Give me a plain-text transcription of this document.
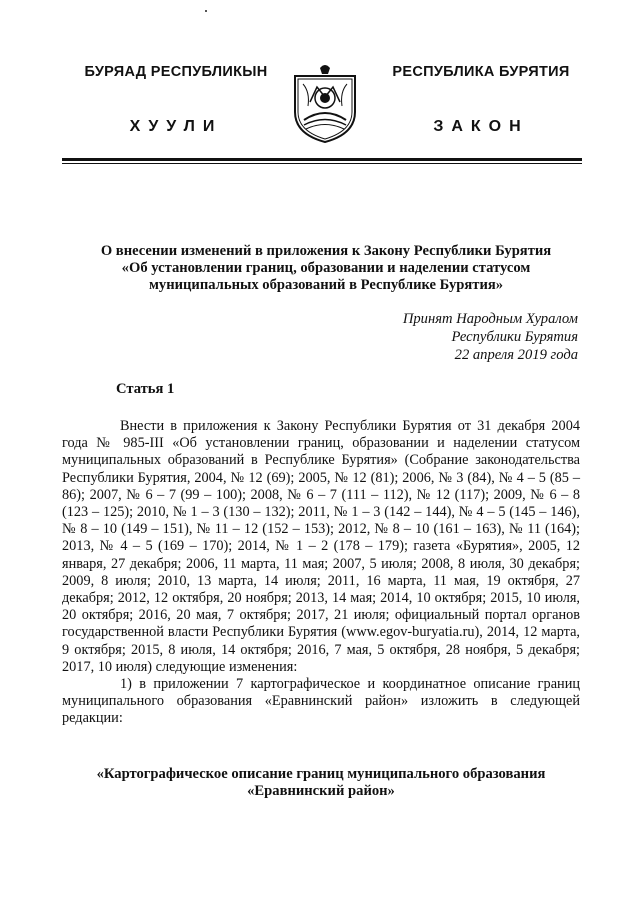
БУРЯАД РЕСПУБЛИКЫН
ХУУЛИ
РЕСПУБЛИКА БУРЯТИЯ
ЗАКОН
О внесении изменений в приложения к Закону Республики Бурятия
«Об установлении границ, образовании и наделении статусом
муниципальных образований в Республике Бурятия»
Принят Народным Хуралом
Республики Бурятия
22 апреля 2019 года
Статья 1

Внести в приложения к Закону Республики Бурятия от 31 декабря 2004 года № 985-III «Об установлении границ, образовании и наделении статусом муниципальных образований в Республике Бурятия» (Собрание законодательства Республики Бурятия, 2004, № 12 (69); 2005, № 12 (81); 2006, № 3 (84), № 4 – 5 (85 – 86); 2007, № 6 – 7 (99 – 100); 2008, № 6 – 7 (111 – 112), № 12 (117); 2009, № 6 – 8 (123 – 125); 2010, № 1 – 3 (130 – 132); 2011, № 1 – 3 (142 – 144), № 4 – 5 (145 – 146), № 8 – 10 (149 – 151), № 11 – 12 (152 – 153); 2012, № 8 – 10 (161 – 163), № 11 (164); 2013, № 4 – 5 (169 – 170); 2014, № 1 – 2 (178 – 179); газета «Бурятия», 2005, 12 января, 27 декабря; 2006, 11 марта, 11 мая; 2007, 5 июля; 2008, 8 июля, 30 декабря; 2009, 8 июля; 2010, 13 марта, 14 июля; 2011, 16 марта, 11 мая, 19 октября, 27 декабря; 2012, 12 октября, 20 ноября; 2013, 14 мая; 2014, 10 октября; 2015, 10 июля, 20 октября; 2016, 20 мая, 7 октября; 2017, 21 июля; официальный портал органов государственной власти Республики Бурятия (www.egov-buryatia.ru), 2014, 12 марта, 9 октября; 2015, 8 июля, 14 октября; 2016, 7 мая, 5 октября, 28 ноября, 5 декабря; 2017, 10 июля) следующие изменения:

1) в приложении 7 картографическое и координатное описание границ муниципального образования «Еравнинский район» изложить в следующей редакции:

«Картографическое описание границ муниципального образования
«Еравнинский район»
